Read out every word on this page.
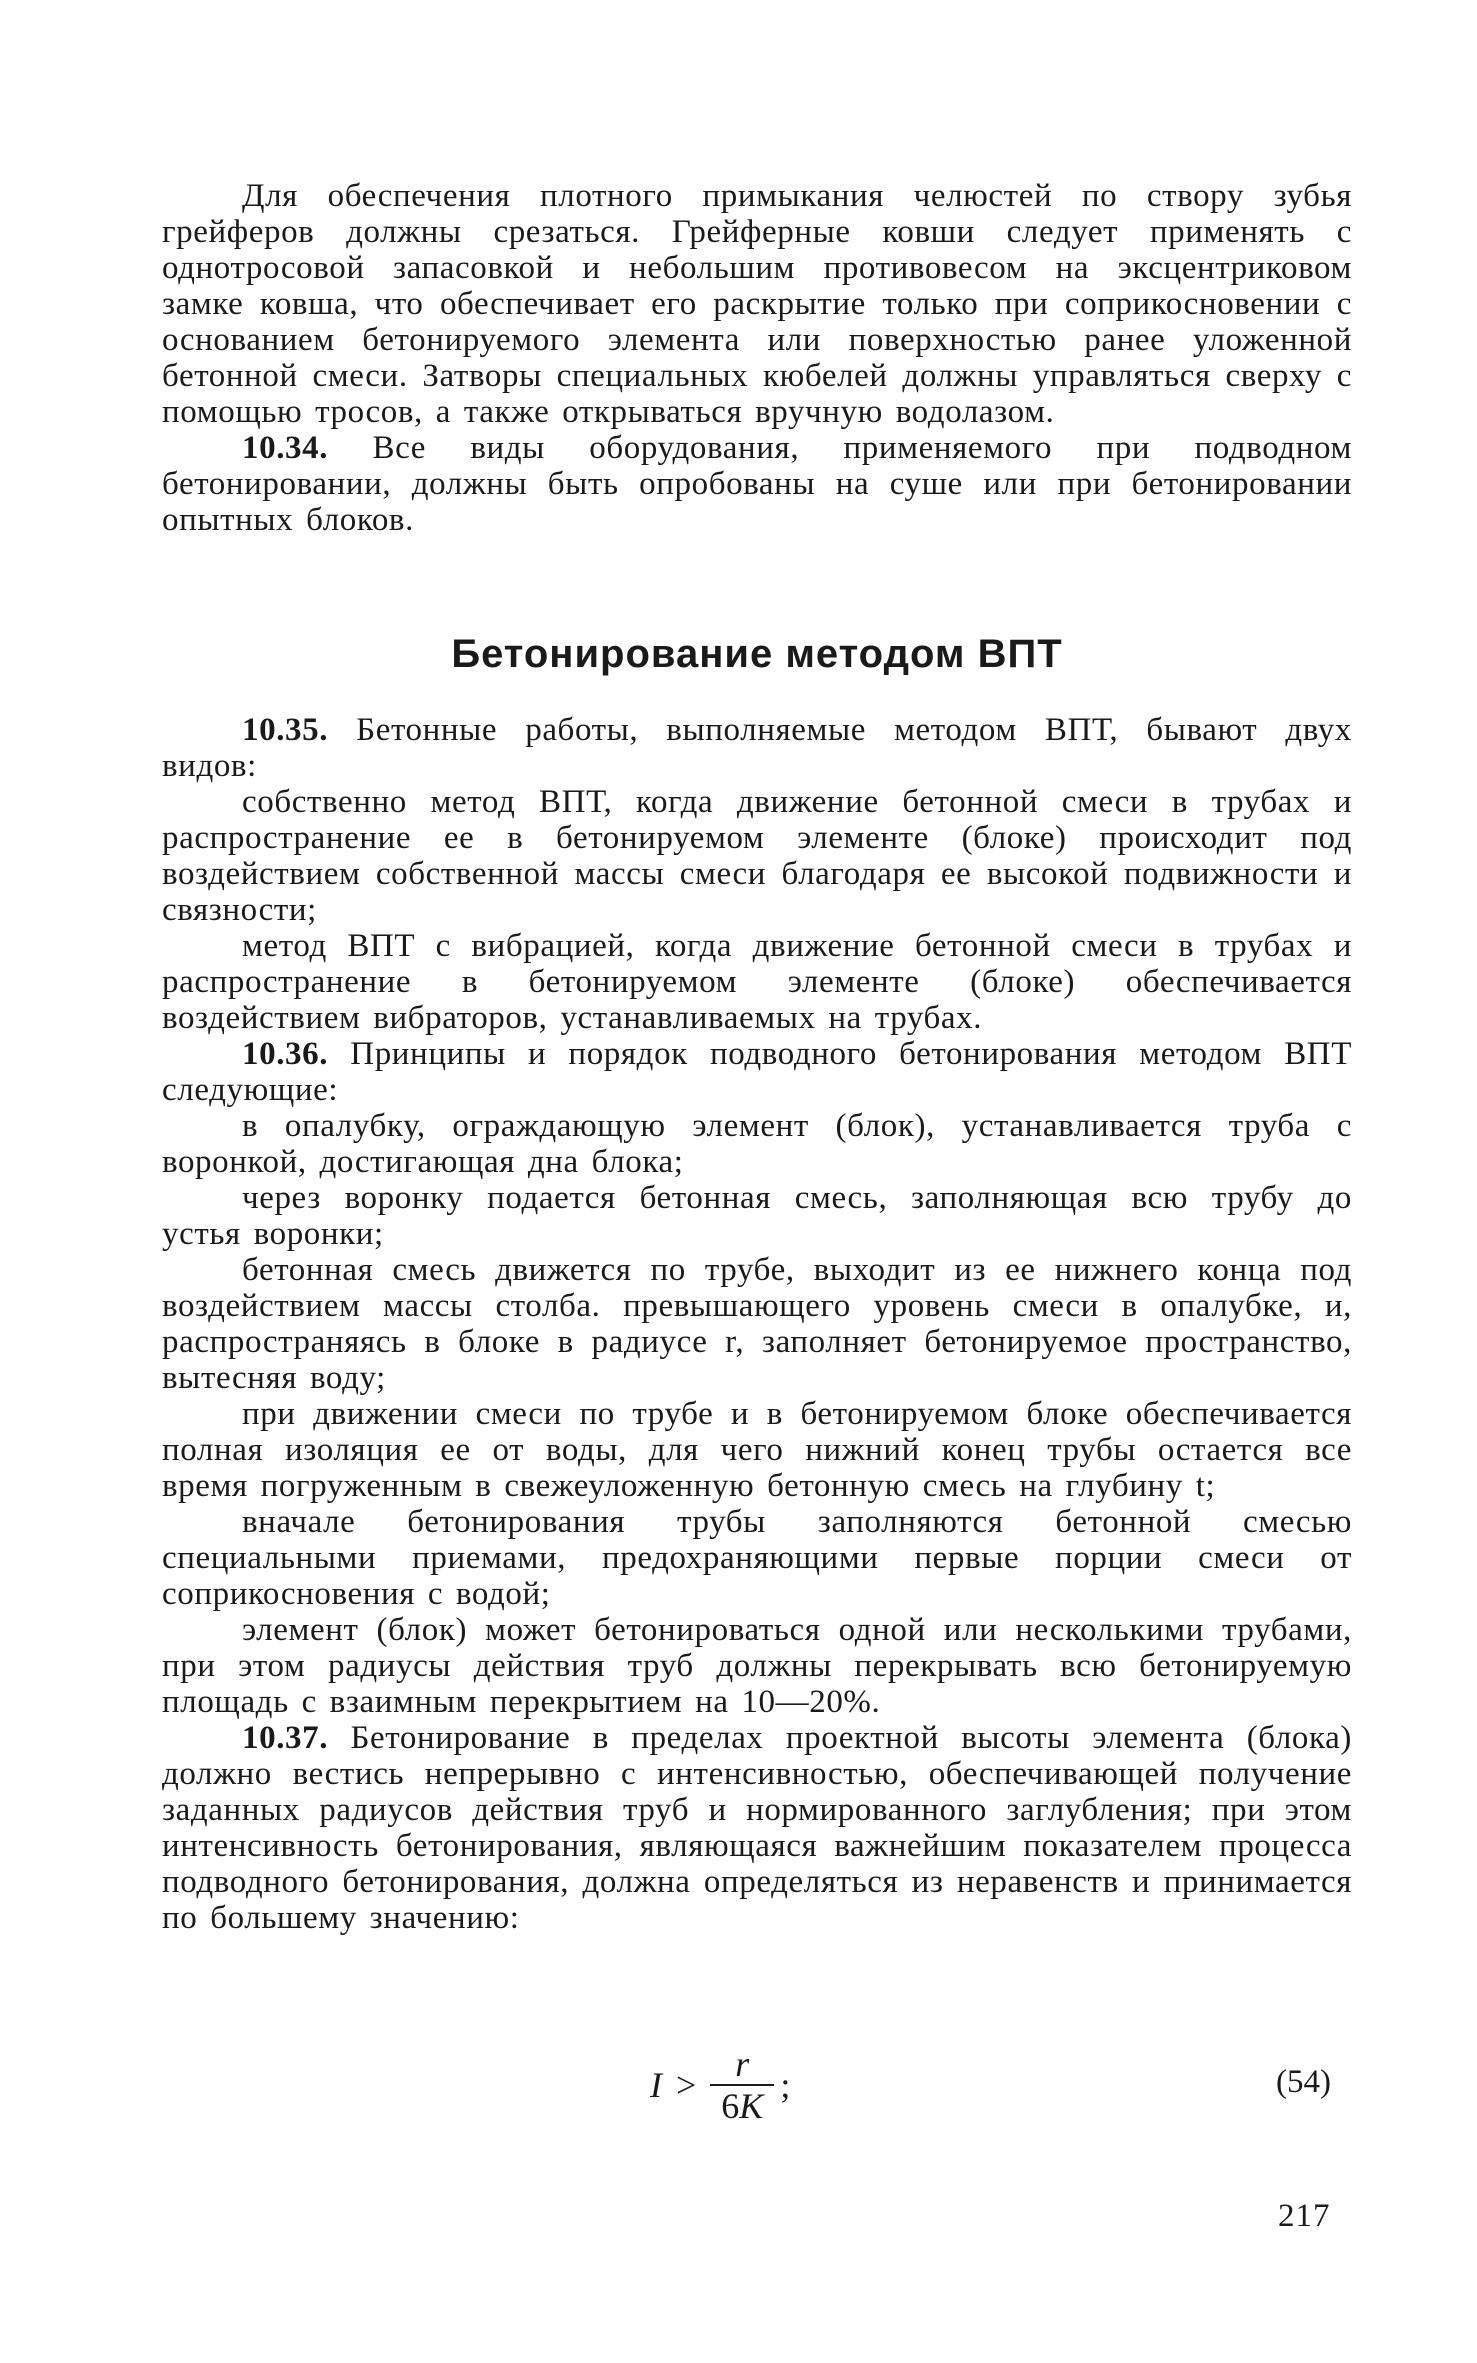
Для обеспечения плотного примыкания челюстей по створу зубья грейферов должны срезаться. Грейферные ковши следует применять с однотросовой запасовкой и небольшим противовесом на эксцентриковом замке ковша, что обеспечивает его раскрытие только при соприкосновении с основанием бетонируемого элемента или поверхностью ранее уложенной бетонной смеси. Затворы специальных кюбелей должны управляться сверху с помощью тросов, а также открываться вручную водолазом.

10.34. Все виды оборудования, применяемого при подводном бетонировании, должны быть опробованы на суше или при бетонировании опытных блоков.

Бетонирование методом ВПТ

10.35. Бетонные работы, выполняемые методом ВПТ, бывают двух видов:

собственно метод ВПТ, когда движение бетонной смеси в трубах и распространение ее в бетонируемом элементе (блоке) происходит под воздействием собственной массы смеси благодаря ее высокой подвижности и связности;

метод ВПТ с вибрацией, когда движение бетонной смеси в трубах и распространение в бетонируемом элементе (блоке) обеспечивается воздействием вибраторов, устанавливаемых на трубах.

10.36. Принципы и порядок подводного бетонирования методом ВПТ следующие:

в опалубку, ограждающую элемент (блок), устанавливается труба с воронкой, достигающая дна блока;

через воронку подается бетонная смесь, заполняющая всю трубу до устья воронки;

бетонная смесь движется по трубе, выходит из ее нижнего конца под воздействием массы столба. превышающего уровень смеси в опалубке, и, распространяясь в блоке в радиусе r, заполняет бетонируемое пространство, вытесняя воду;

при движении смеси по трубе и в бетонируемом блоке обеспечивается полная изоляция ее от воды, для чего нижний конец трубы остается все время погруженным в свежеуложенную бетонную смесь на глубину t;

вначале бетонирования трубы заполняются бетонной смесью специальными приемами, предохраняющими первые порции смеси от соприкосновения с водой;

элемент (блок) может бетонироваться одной или несколькими трубами, при этом радиусы действия труб должны перекрывать всю бетонируемую площадь с взаимным перекрытием на 10—20%.

10.37. Бетонирование в пределах проектной высоты элемента (блока) должно вестись непрерывно с интенсивностью, обеспечивающей получение заданных радиусов действия труб и нормированного заглубления; при этом интенсивность бетонирования, являющаяся важнейшим показателем процесса подводного бетонирования, должна определяться из неравенств и принимается по большему значению:

$I > \frac{r}{6K}$ ;	(54)
217
